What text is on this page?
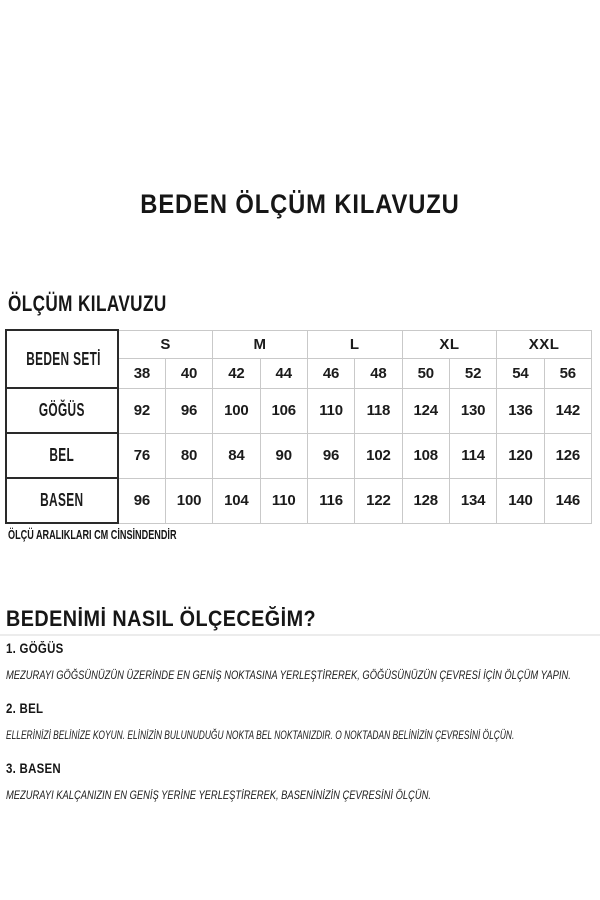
BEDEN ÖLÇÜM KILAVUZU
ÖLÇÜM KILAVUZU
BEDEN SETİ	S		M		L		XL		XXL	
	38	40	42	44	46	48	50	52	54	56
GÖĞÜS	92	96	100	106	110	118	124	130	136	142
BEL	76	80	84	90	96	102	108	114	120	126
BASEN	96	100	104	110	116	122	128	134	140	146

ÖLÇÜ ARALIKLARI CM CİNSİNDENDİR

BEDENİMİ NASIL ÖLÇECEĞİM?
1. GÖĞÜS

MEZURAYI GÖĞSÜNÜZÜN ÜZERİNDE EN GENİŞ NOKTASINA YERLEŞTİREREK, GÖĞÜSÜNÜZÜN ÇEVRESİ İÇİN ÖLÇÜM YAPIN.

2. BEL

ELLERİNİZİ BELİNİZE KOYUN. ELİNİZİN BULUNUDUĞU NOKTA BEL NOKTANIZDIR. O NOKTADAN BELİNİZİN ÇEVRESİNİ ÖLÇÜN.

3. BASEN

MEZURAYI KALÇANIZIN EN GENİŞ YERİNE YERLEŞTİREREK, BASENİNİZİN ÇEVRESİNİ ÖLÇÜN.
